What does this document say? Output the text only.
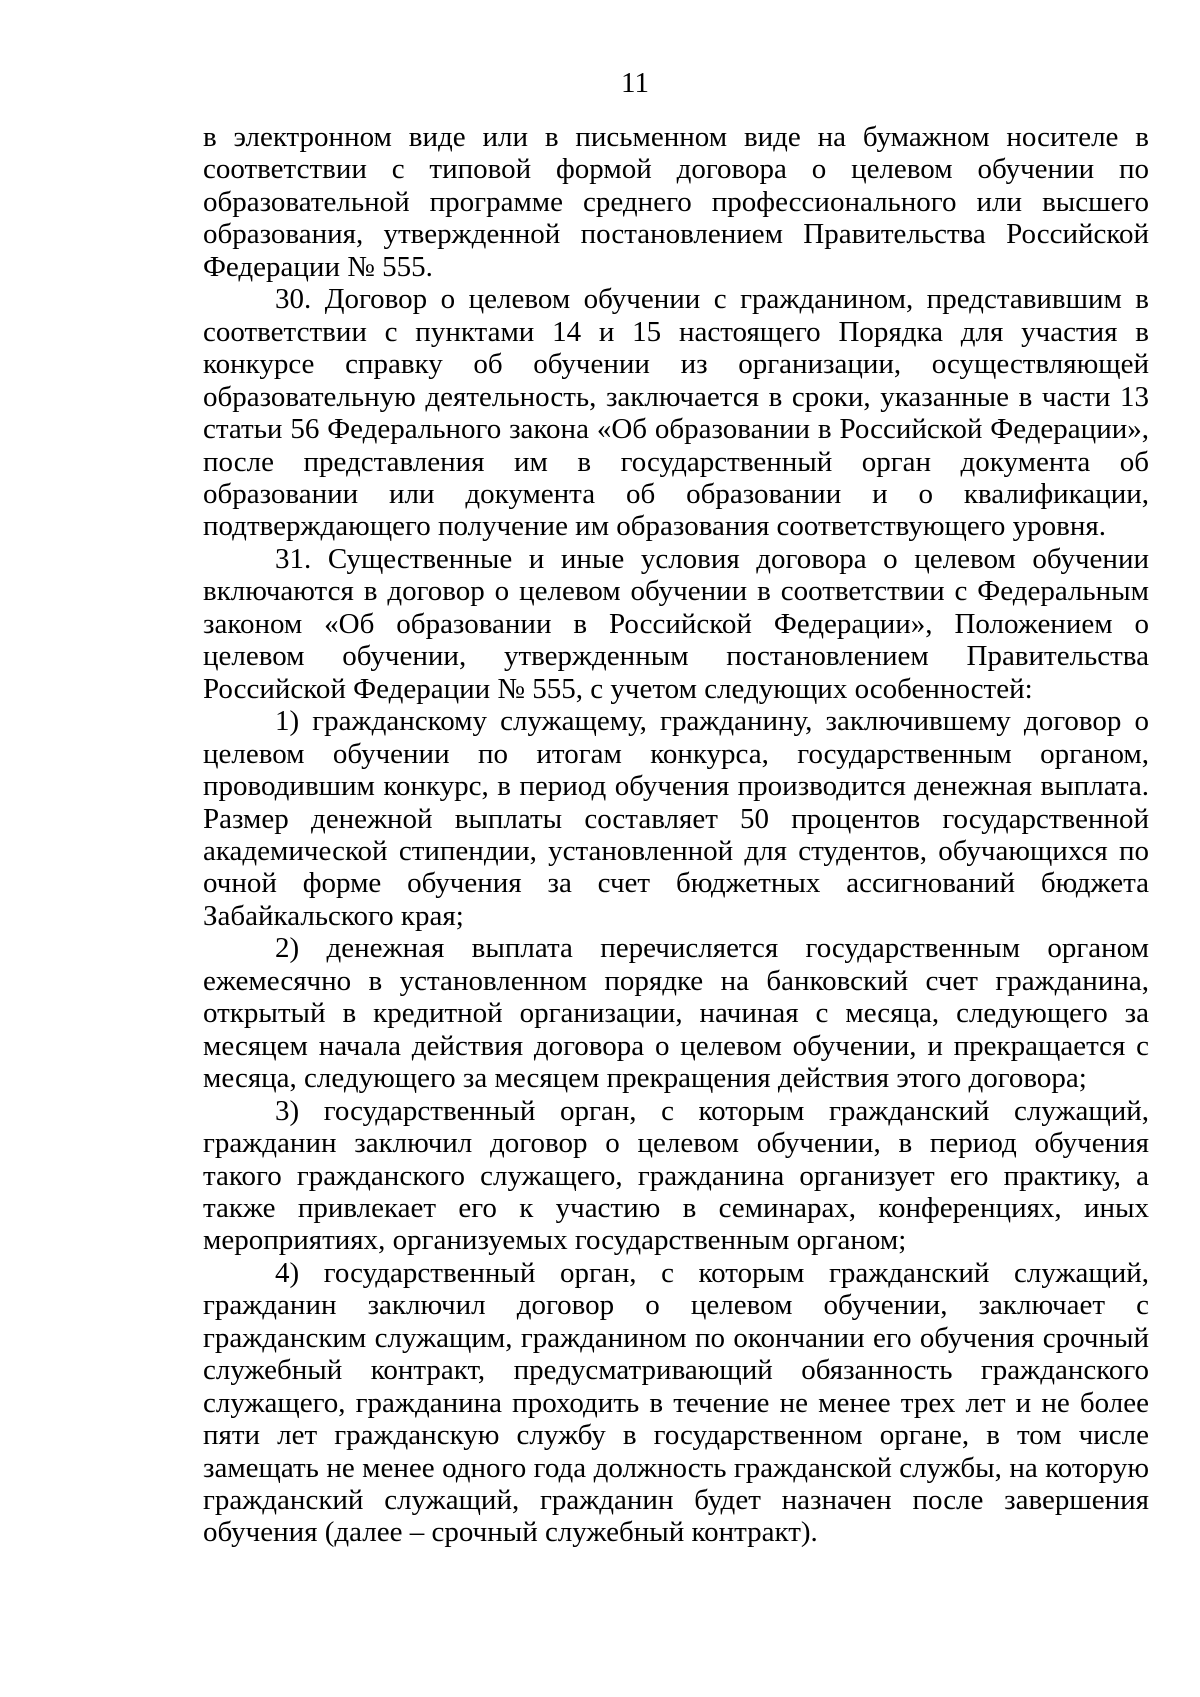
11

в электронном виде или в письменном виде на бумажном носителе в соответствии с типовой формой договора о целевом обучении по образовательной программе среднего профессионального или высшего образования, утвержденной постановлением Правительства Российской Федерации № 555.

30. Договор о целевом обучении с гражданином, представившим в соответствии с пунктами 14 и 15 настоящего Порядка для участия в конкурсе справку об обучении из организации, осуществляющей образовательную деятельность, заключается в сроки, указанные в части 13 статьи 56 Федерального закона «Об образовании в Российской Федерации», после представления им в государственный орган документа об образовании или документа об образовании и о квалификации, подтверждающего получение им образования соответствующего уровня.

31. Существенные и иные условия договора о целевом обучении включаются в договор о целевом обучении в соответствии с Федеральным законом «Об образовании в Российской Федерации», Положением о целевом обучении, утвержденным постановлением Правительства Российской Федерации № 555, с учетом следующих особенностей:

1) гражданскому служащему, гражданину, заключившему договор о целевом обучении по итогам конкурса, государственным органом, проводившим конкурс, в период обучения производится денежная выплата. Размер денежной выплаты составляет 50 процентов государственной академической стипендии, установленной для студентов, обучающихся по очной форме обучения за счет бюджетных ассигнований бюджета Забайкальского края;

2) денежная выплата перечисляется государственным органом ежемесячно в установленном порядке на банковский счет гражданина, открытый в кредитной организации, начиная с месяца, следующего за месяцем начала действия договора о целевом обучении, и прекращается с месяца, следующего за месяцем прекращения действия этого договора;

3) государственный орган, с которым гражданский служащий, гражданин заключил договор о целевом обучении, в период обучения такого гражданского служащего, гражданина организует его практику, а также привлекает его к участию в семинарах, конференциях, иных мероприятиях, организуемых государственным органом;

4) государственный орган, с которым гражданский служащий, гражданин заключил договор о целевом обучении, заключает с гражданским служащим, гражданином по окончании его обучения срочный служебный контракт, предусматривающий обязанность гражданского служащего, гражданина проходить в течение не менее трех лет и не более пяти лет гражданскую службу в государственном органе, в том числе замещать не менее одного года должность гражданской службы, на которую гражданский служащий, гражданин будет назначен после завершения обучения (далее – срочный служебный контракт).
